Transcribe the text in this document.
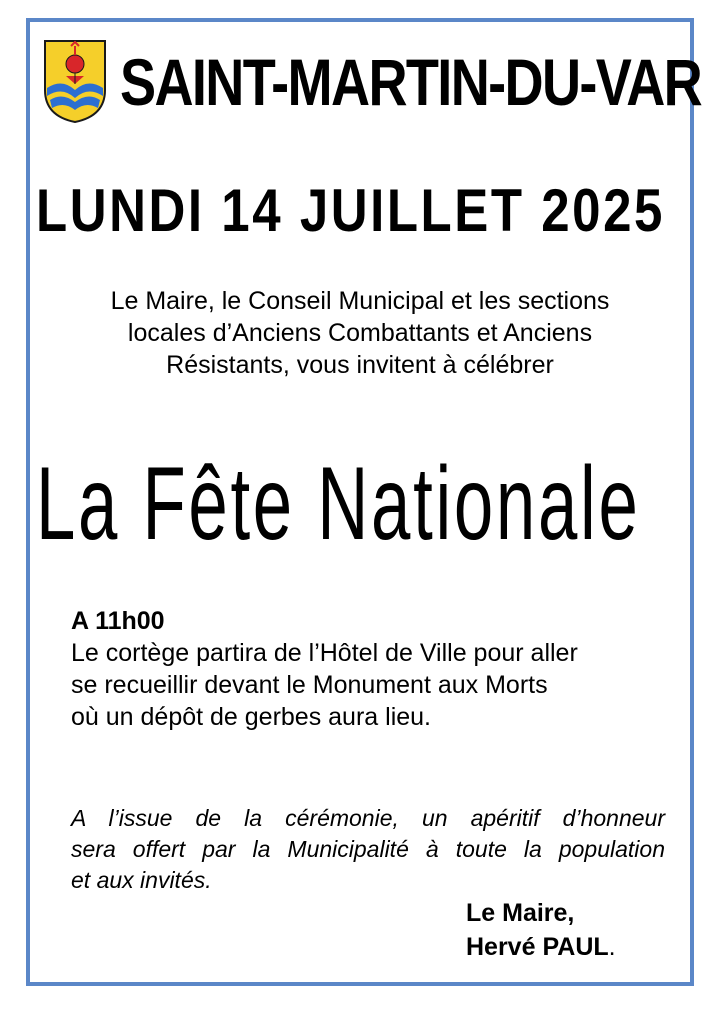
SAINT-MARTIN-DU-VAR
LUNDI 14 JUILLET 2025
Le Maire, le Conseil Municipal et les sections
locales d’Anciens Combattants et Anciens
Résistants, vous invitent à célébrer
La Fête Nationale
A 11h00
Le cortège partira de l’Hôtel de Ville pour aller
se recueillir devant le Monument aux Morts
où un dépôt de gerbes aura lieu.
A l’issue de la cérémonie, un apéritif d’honneur
sera offert par la Municipalité à toute la population
et aux invités.
Le Maire,
Hervé PAUL.
